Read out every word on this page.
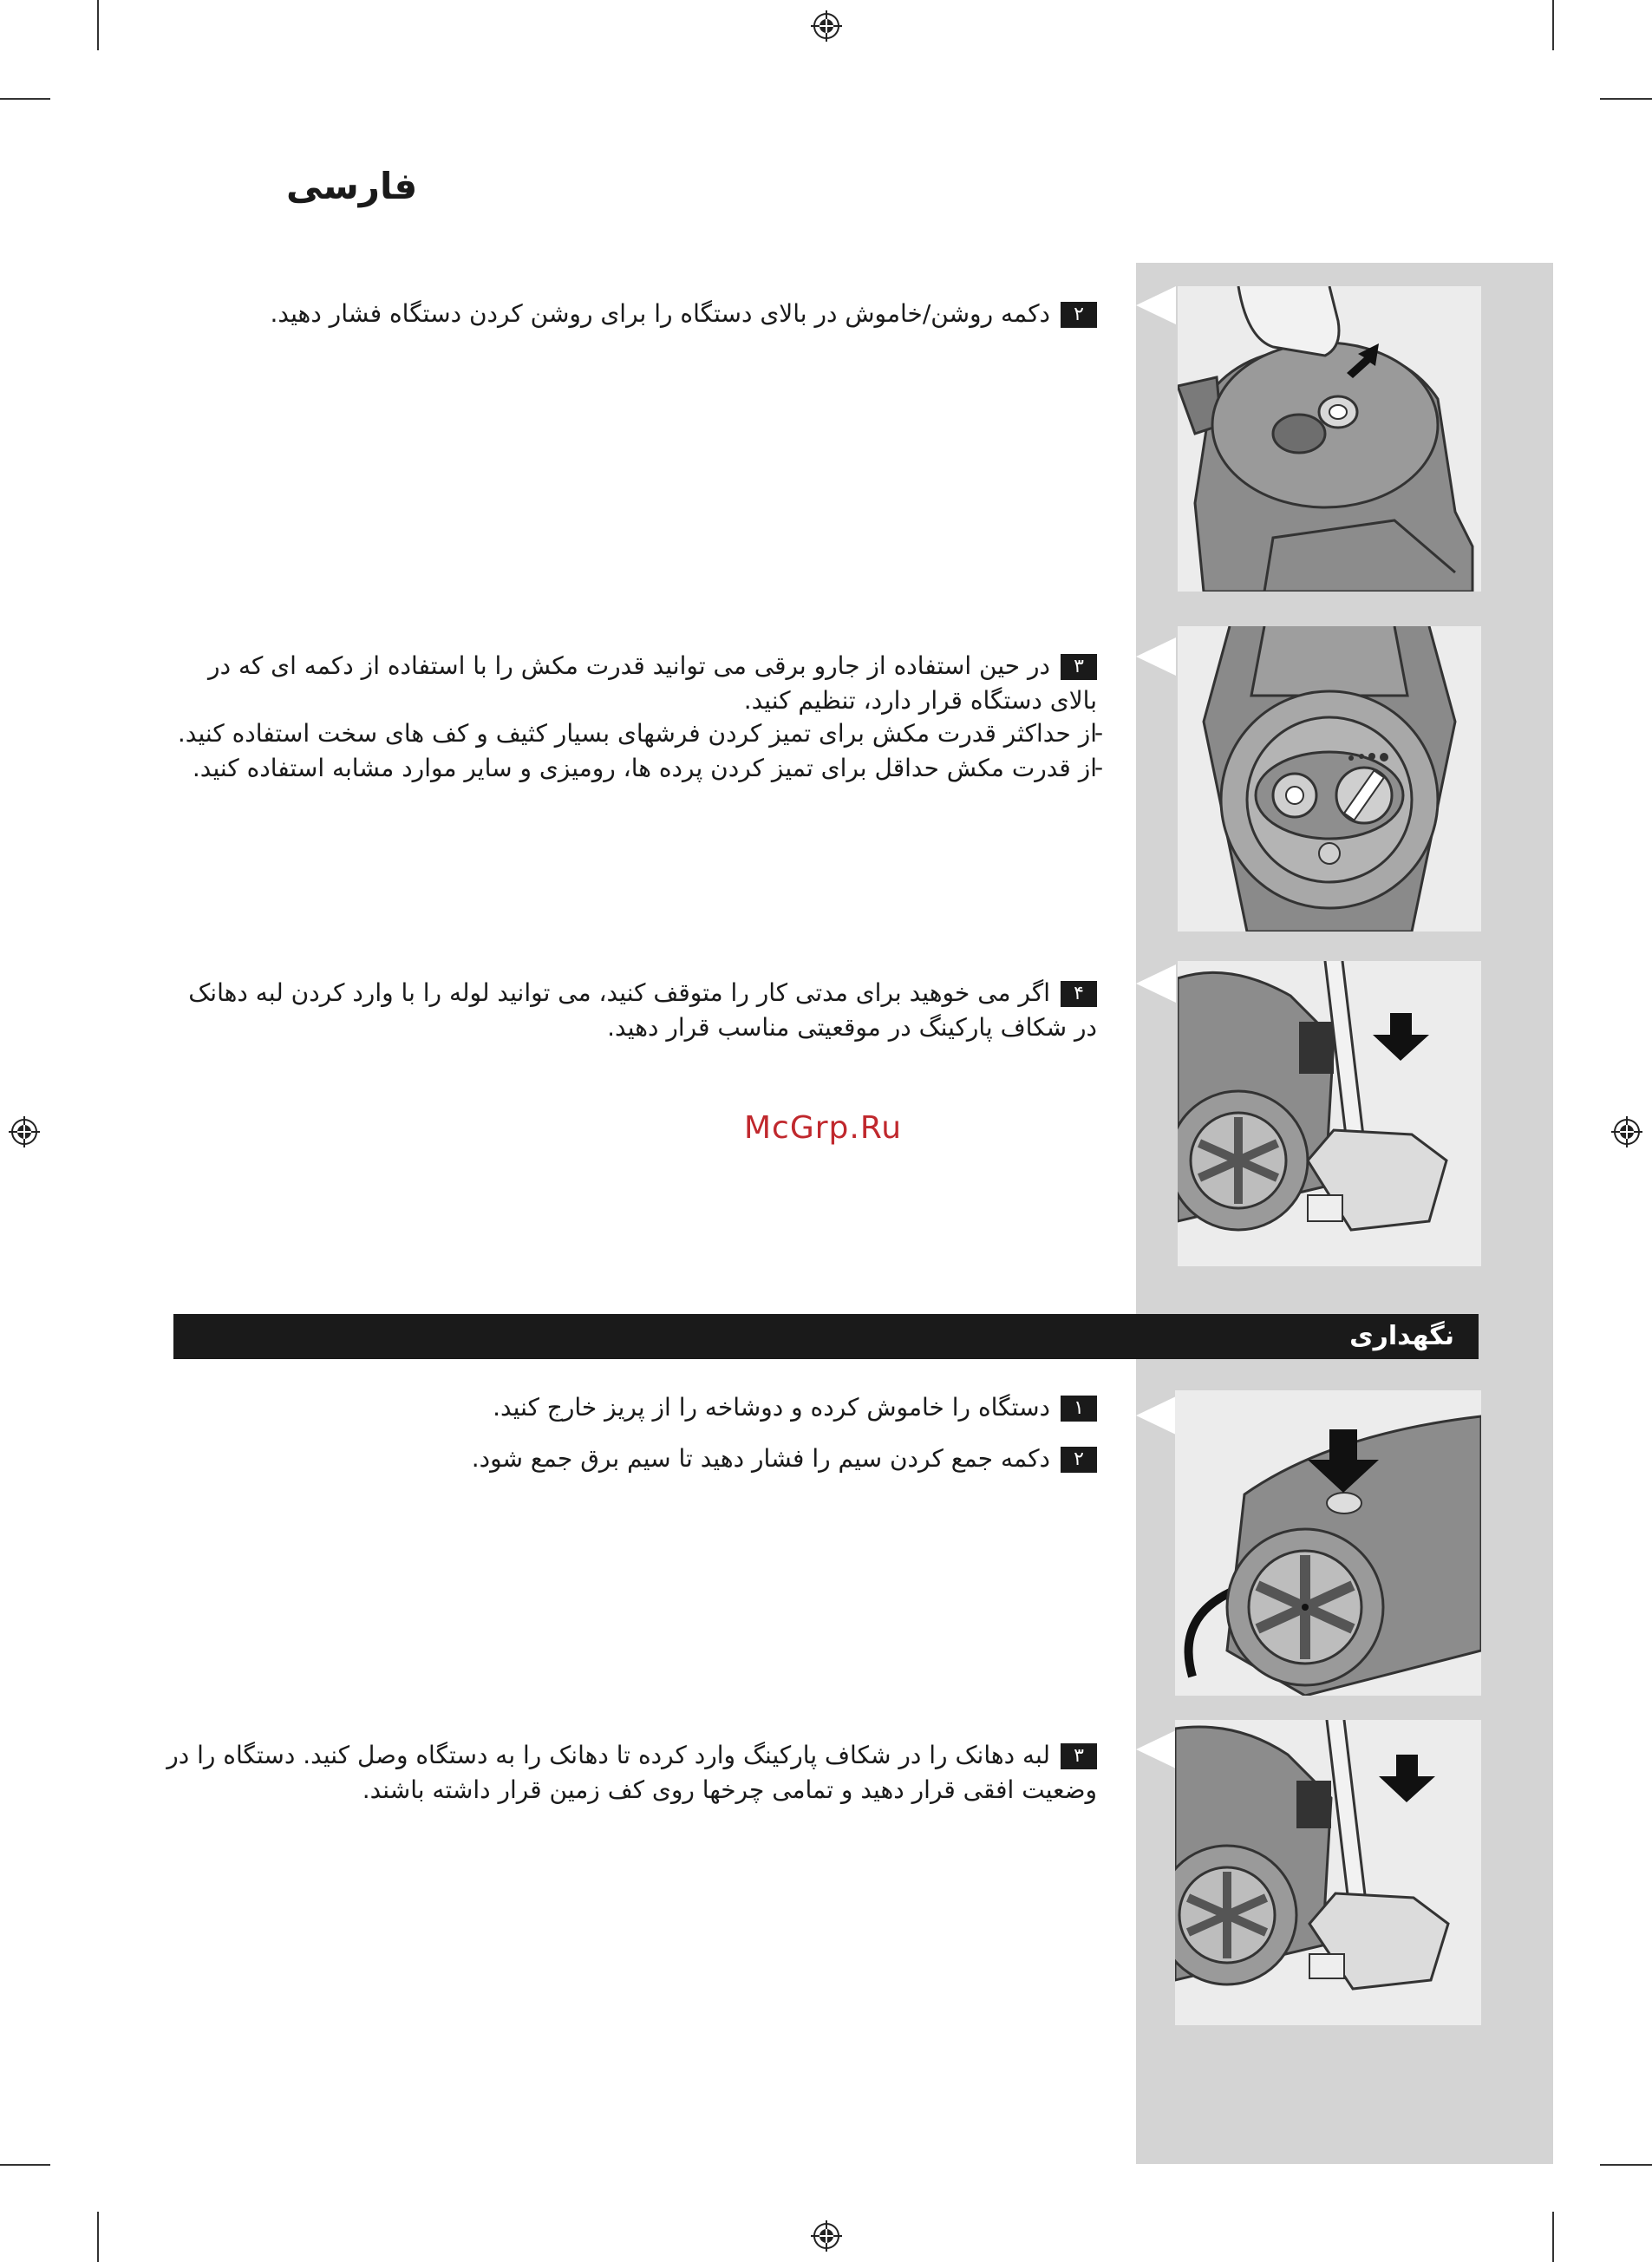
فارسی
۲دکمه روشن/خاموش در بالای دستگاه را برای روشن کردن دستگاه فشار دهید.
۳در حین استفاده از جارو برقی می توانید قدرت مکش را با استفاده از دکمه ای که در بالای دستگاه قرار دارد، تنظیم کنید.
-
از حداکثر قدرت مکش برای تمیز کردن فرشهای بسیار کثیف و کف های سخت استفاده کنید.
-
از قدرت مکش حداقل برای تمیز کردن پرده ها، رومیزی و سایر موارد مشابه استفاده کنید.
۴اگر می خوهید برای مدتی کار را متوقف کنید، می توانید لوله را با وارد کردن لبه دهانک در شکاف پارکینگ در موقعیتی مناسب قرار دهید.
McGrp.Ru
نگهداری
۱دستگاه را خاموش کرده و دوشاخه را از پریز خارج کنید.
۲دکمه جمع کردن سیم را فشار دهید تا سیم برق جمع شود.
۳لبه دهانک را در شکاف پارکینگ وارد کرده تا دهانک را به دستگاه وصل کنید. دستگاه را در وضعیت افقی قرار دهید و تمامی چرخها روی کف زمین قرار داشته باشند.
